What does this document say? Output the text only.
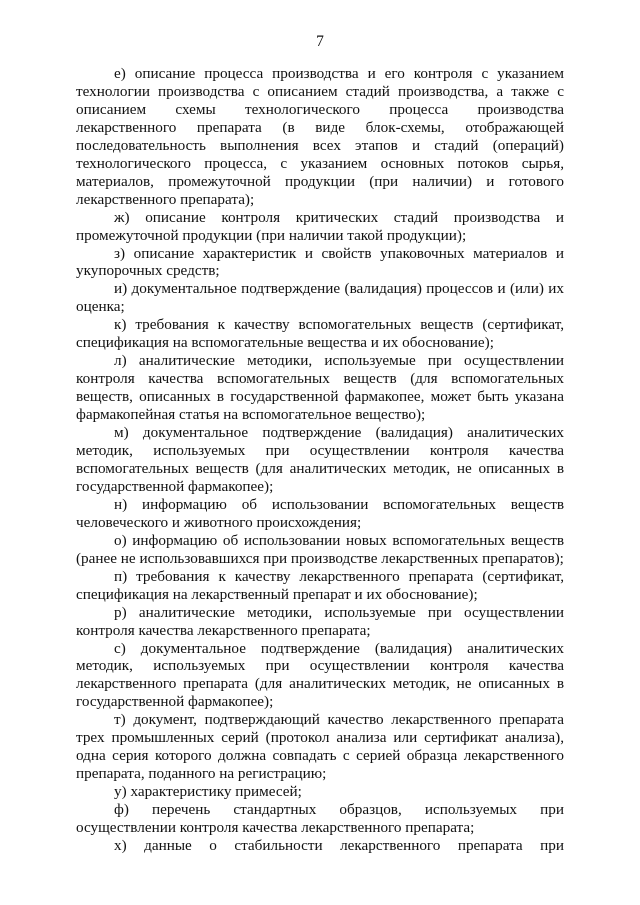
7

е) описание процесса производства и его контроля с указанием технологии производства с описанием стадий производства, а также с описанием схемы технологического процесса производства лекарственного препарата (в виде блок-схемы, отображающей последовательность выполнения всех этапов и стадий (операций) технологического процесса, с указанием основных потоков сырья, материалов, промежуточной продукции (при наличии) и готового лекарственного препарата);

ж) описание контроля критических стадий производства и промежуточной продукции (при наличии такой продукции);

з) описание характеристик и свойств упаковочных материалов и укупорочных средств;

и) документальное подтверждение (валидация) процессов и (или) их оценка;

к) требования к качеству вспомогательных веществ (сертификат, спецификация на вспомогательные вещества и их обоснование);

л) аналитические методики, используемые при осуществлении контроля качества вспомогательных веществ (для вспомогательных веществ, описанных в государственной фармакопее, может быть указана фармакопейная статья на вспомогательное вещество);

м) документальное подтверждение (валидация) аналитических методик, используемых при осуществлении контроля качества вспомогательных веществ (для аналитических методик, не описанных в государственной фармакопее);

н) информацию об использовании вспомогательных веществ человеческого и животного происхождения;

о) информацию об использовании новых вспомогательных веществ (ранее не использовавшихся при производстве лекарственных препаратов);

п) требования к качеству лекарственного препарата (сертификат, спецификация на лекарственный препарат и их обоснование);

р) аналитические методики, используемые при осуществлении контроля качества лекарственного препарата;

с) документальное подтверждение (валидация) аналитических методик, используемых при осуществлении контроля качества лекарственного препарата (для аналитических методик, не описанных в государственной фармакопее);

т) документ, подтверждающий качество лекарственного препарата трех промышленных серий (протокол анализа или сертификат анализа), одна серия которого должна совпадать с серией образца лекарственного препарата, поданного на регистрацию;

у) характеристику примесей;

ф) перечень стандартных образцов, используемых при осуществлении контроля качества лекарственного препарата;

х) данные о стабильности лекарственного препарата при
